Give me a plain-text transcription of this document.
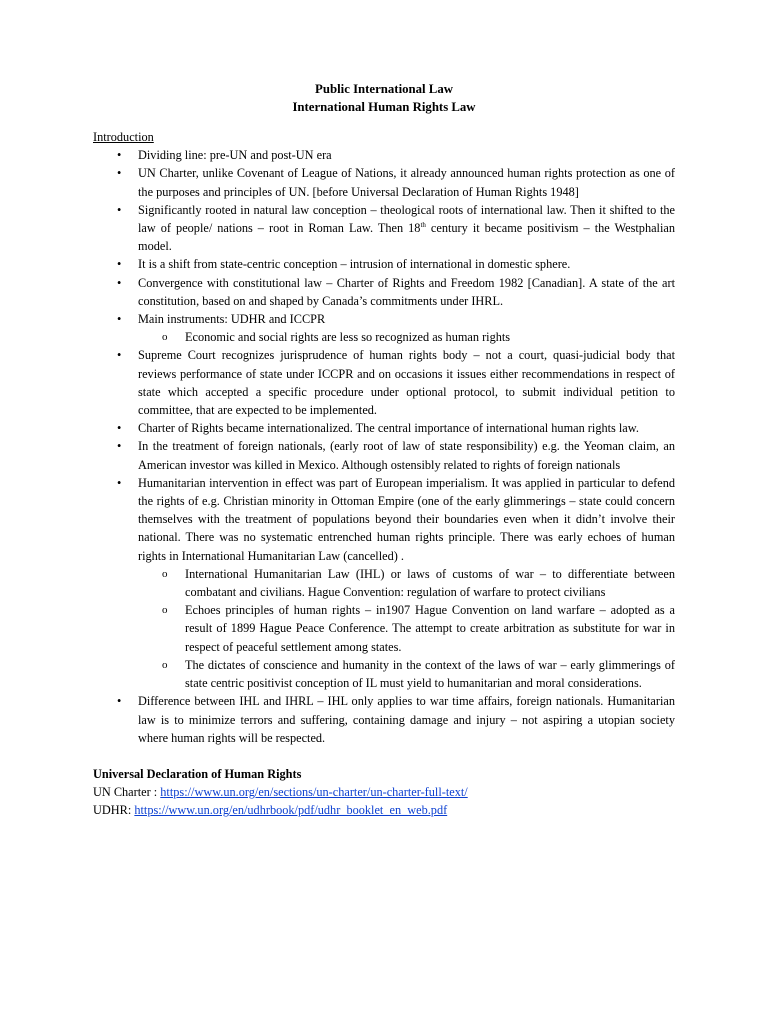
Public International Law
International Human Rights Law
Introduction
• Dividing line: pre-UN and post-UN era
• UN Charter, unlike Covenant of League of Nations, it already announced human rights protection as one of the purposes and principles of UN. [before Universal Declaration of Human Rights 1948]
• Significantly rooted in natural law conception – theological roots of international law. Then it shifted to the law of people/ nations – root in Roman Law. Then 18th century it became positivism – the Westphalian model.
• It is a shift from state-centric conception – intrusion of international in domestic sphere.
• Convergence with constitutional law – Charter of Rights and Freedom 1982 [Canadian]. A state of the art constitution, based on and shaped by Canada’s commitments under IHRL.
• Main instruments: UDHR and ICCPR
o Economic and social rights are less so recognized as human rights
• Supreme Court recognizes jurisprudence of human rights body – not a court, quasi-judicial body that reviews performance of state under ICCPR and on occasions it issues either recommendations in respect of state which accepted a specific procedure under optional protocol, to submit individual petition to committee, that are expected to be implemented.
• Charter of Rights became internationalized. The central importance of international human rights law.
• In the treatment of foreign nationals, (early root of law of state responsibility) e.g. the Yeoman claim, an American investor was killed in Mexico. Although ostensibly related to rights of foreign nationals
• Humanitarian intervention in effect was part of European imperialism. It was applied in particular to defend the rights of e.g. Christian minority in Ottoman Empire (one of the early glimmerings – state could concern themselves with the treatment of populations beyond their boundaries even when it didn’t involve their national. There was no systematic entrenched human rights principle. There was early echoes of human rights in International Humanitarian Law (cancelled) .
o International Humanitarian Law (IHL) or laws of customs of war – to differentiate between combatant and civilians. Hague Convention: regulation of warfare to protect civilians
o Echoes principles of human rights – in1907 Hague Convention on land warfare – adopted as a result of 1899 Hague Peace Conference. The attempt to create arbitration as substitute for war in respect of peaceful settlement among states.
o The dictates of conscience and humanity in the context of the laws of war – early glimmerings of state centric positivist conception of IL must yield to humanitarian and moral considerations.
• Difference between IHL and IHRL – IHL only applies to war time affairs, foreign nationals. Humanitarian law is to minimize terrors and suffering, containing damage and injury – not aspiring a utopian society where human rights will be respected.
Universal Declaration of Human Rights
UN Charter : https://www.un.org/en/sections/un-charter/un-charter-full-text/
UDHR: https://www.un.org/en/udhrbook/pdf/udhr_booklet_en_web.pdf
